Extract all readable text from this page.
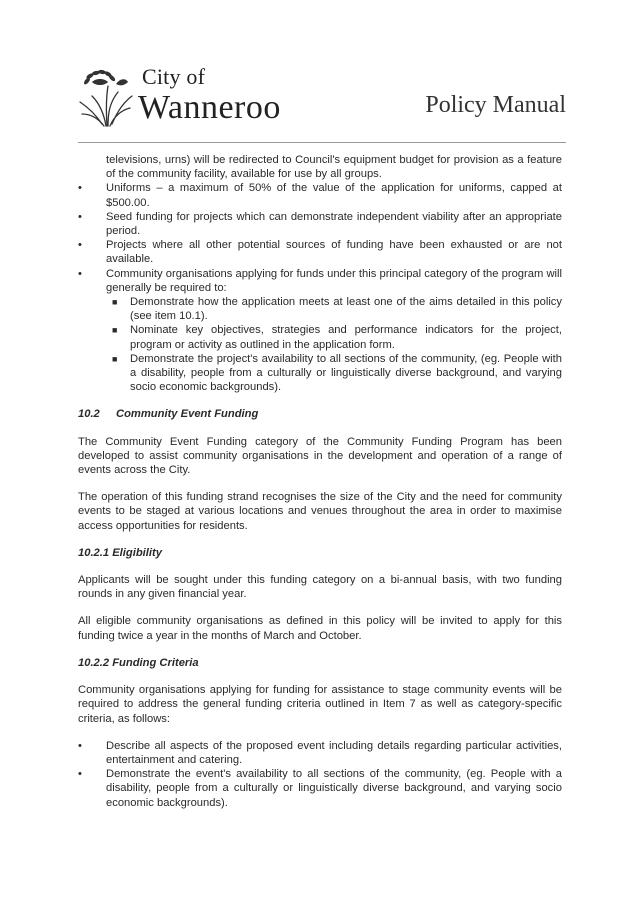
City of
Wanneroo	Policy Manual
televisions, urns) will be redirected to Council's equipment budget for provision as a feature of the community facility, available for use by all groups.
• Uniforms – a maximum of 50% of the value of the application for uniforms, capped at $500.00.
• Seed funding for projects which can demonstrate independent viability after an appropriate period.
• Projects where all other potential sources of funding have been exhausted or are not available.
• Community organisations applying for funds under this principal category of the program will generally be required to:
■ Demonstrate how the application meets at least one of the aims detailed in this policy (see item 10.1).
■ Nominate key objectives, strategies and performance indicators for the project, program or activity as outlined in the application form.
■ Demonstrate the project's availability to all sections of the community, (eg. People with a disability, people from a culturally or linguistically diverse background, and varying socio economic backgrounds).
10.2 Community Event Funding

The Community Event Funding category of the Community Funding Program has been developed to assist community organisations in the development and operation of a range of events across the City.

The operation of this funding strand recognises the size of the City and the need for community events to be staged at various locations and venues throughout the area in order to maximise access opportunities for residents.

10.2.1 Eligibility

Applicants will be sought under this funding category on a bi-annual basis, with two funding rounds in any given financial year.

All eligible community organisations as defined in this policy will be invited to apply for this funding twice a year in the months of March and October.

10.2.2 Funding Criteria

Community organisations applying for funding for assistance to stage community events will be required to address the general funding criteria outlined in Item 7 as well as category-specific criteria, as follows:

• Describe all aspects of the proposed event including details regarding particular activities, entertainment and catering.
• Demonstrate the event's availability to all sections of the community, (eg. People with a disability, people from a culturally or linguistically diverse background, and varying socio economic backgrounds).
